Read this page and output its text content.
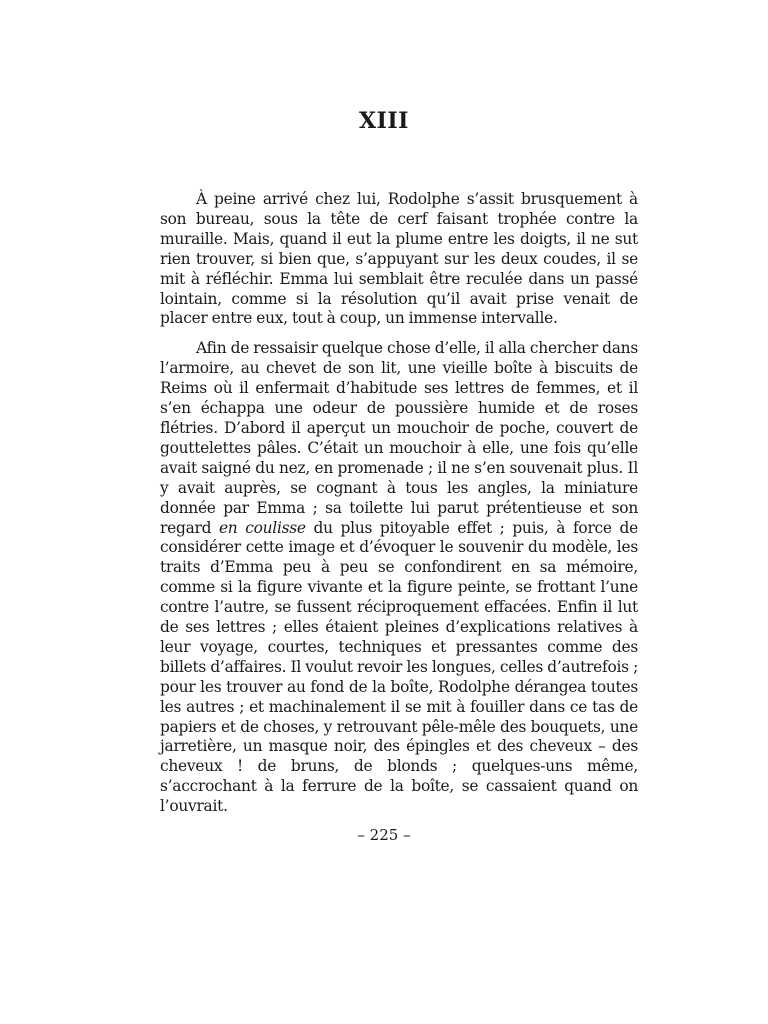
XIII

À peine arrivé chez lui, Rodolphe s’assit brusquement à son bureau, sous la tête de cerf faisant trophée contre la muraille. Mais, quand il eut la plume entre les doigts, il ne sut rien trouver, si bien que, s’appuyant sur les deux coudes, il se mit à réfléchir. Emma lui semblait être reculée dans un passé lointain, comme si la résolution qu’il avait prise venait de placer entre eux, tout à coup, un immense intervalle.

Afin de ressaisir quelque chose d’elle, il alla chercher dans l’armoire, au chevet de son lit, une vieille boîte à biscuits de Reims où il enfermait d’habitude ses lettres de femmes, et il s’en échappa une odeur de poussière humide et de roses flétries. D’abord il aperçut un mouchoir de poche, couvert de gouttelettes pâles. C’était un mouchoir à elle, une fois qu’elle avait saigné du nez, en promenade ; il ne s’en souvenait plus. Il y avait auprès, se cognant à tous les angles, la miniature donnée par Emma ; sa toilette lui parut prétentieuse et son regard en coulisse du plus pitoyable effet ; puis, à force de considérer cette image et d’évoquer le souvenir du modèle, les traits d’Emma peu à peu se confondirent en sa mémoire, comme si la figure vivante et la figure peinte, se frottant l’une contre l’autre, se fussent réciproquement effacées. Enfin il lut de ses lettres ; elles étaient pleines d’explications relatives à leur voyage, courtes, techniques et pressantes comme des billets d’affaires. Il voulut revoir les longues, celles d’autrefois ; pour les trouver au fond de la boîte, Rodolphe dérangea toutes les autres ; et machinalement il se mit à fouiller dans ce tas de papiers et de choses, y retrouvant pêle-mêle des bouquets, une jarretière, un masque noir, des épingles et des cheveux – des cheveux ! de bruns, de blonds ; quelques-uns même, s’accrochant à la ferrure de la boîte, se cassaient quand on l’ouvrait.

– 225 –
